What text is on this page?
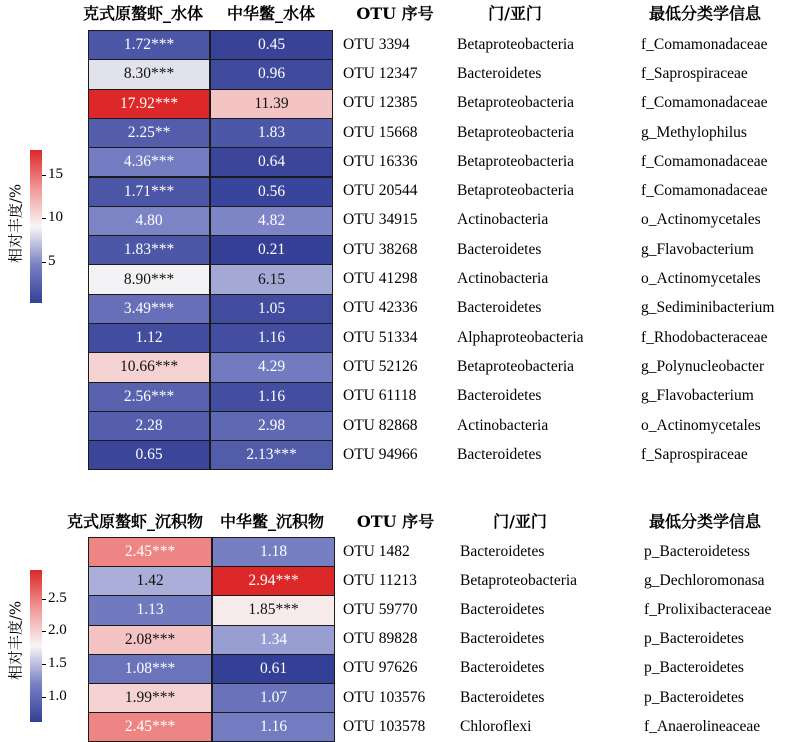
克式原螯虾_水体	中华鳖_水体	OTU 序号	门/亚门	最低分类学信息
1.72***	0.45	OTU 3394	Betaproteobacteria	f_Comamonadaceae
8.30***	0.96	OTU 12347	Bacteroidetes	f_Saprospiraceae
17.92***	11.39	OTU 12385	Betaproteobacteria	f_Comamonadaceae
2.25**	1.83	OTU 15668	Betaproteobacteria	g_Methylophilus
4.36***	0.64	OTU 16336	Betaproteobacteria	f_Comamonadaceae
1.71***	0.56	OTU 20544	Betaproteobacteria	f_Comamonadaceae
4.80	4.82	OTU 34915	Actinobacteria	o_Actinomycetales
1.83***	0.21	OTU 38268	Bacteroidetes	g_Flavobacterium
8.90***	6.15	OTU 41298	Actinobacteria	o_Actinomycetales
3.49***	1.05	OTU 42336	Bacteroidetes	g_Sediminibacterium
1.12	1.16	OTU 51334	Alphaproteobacteria	f_Rhodobacteraceae
10.66***	4.29	OTU 52126	Betaproteobacteria	g_Polynucleobacter
2.56***	1.16	OTU 61118	Bacteroidetes	g_Flavobacterium
2.28	2.98	OTU 82868	Actinobacteria	o_Actinomycetales
0.65	2.13***	OTU 94966	Bacteroidetes	f_Saprospiraceae
15
10
5
相对丰度/%
克式原螯虾_沉积物	中华鳖_沉积物	OTU 序号	门/亚门	最低分类学信息
2.45***	1.18	OTU 1482	Bacteroidetes	p_Bacteroidetess
1.42	2.94***	OTU 11213	Betaproteobacteria	g_Dechloromonasa
1.13	1.85***	OTU 59770	Bacteroidetes	f_Prolixibacteraceae
2.08***	1.34	OTU 89828	Bacteroidetes	p_Bacteroidetes
1.08***	0.61	OTU 97626	Bacteroidetes	p_Bacteroidetes
1.99***	1.07	OTU 103576 Bacteroidetes	p_Bacteroidetes
2.45***	1.16	OTU 103578 Chloroflexi	f_Anaerolineaceae
2.5
2.0
1.5
1.0
相对丰度/%
